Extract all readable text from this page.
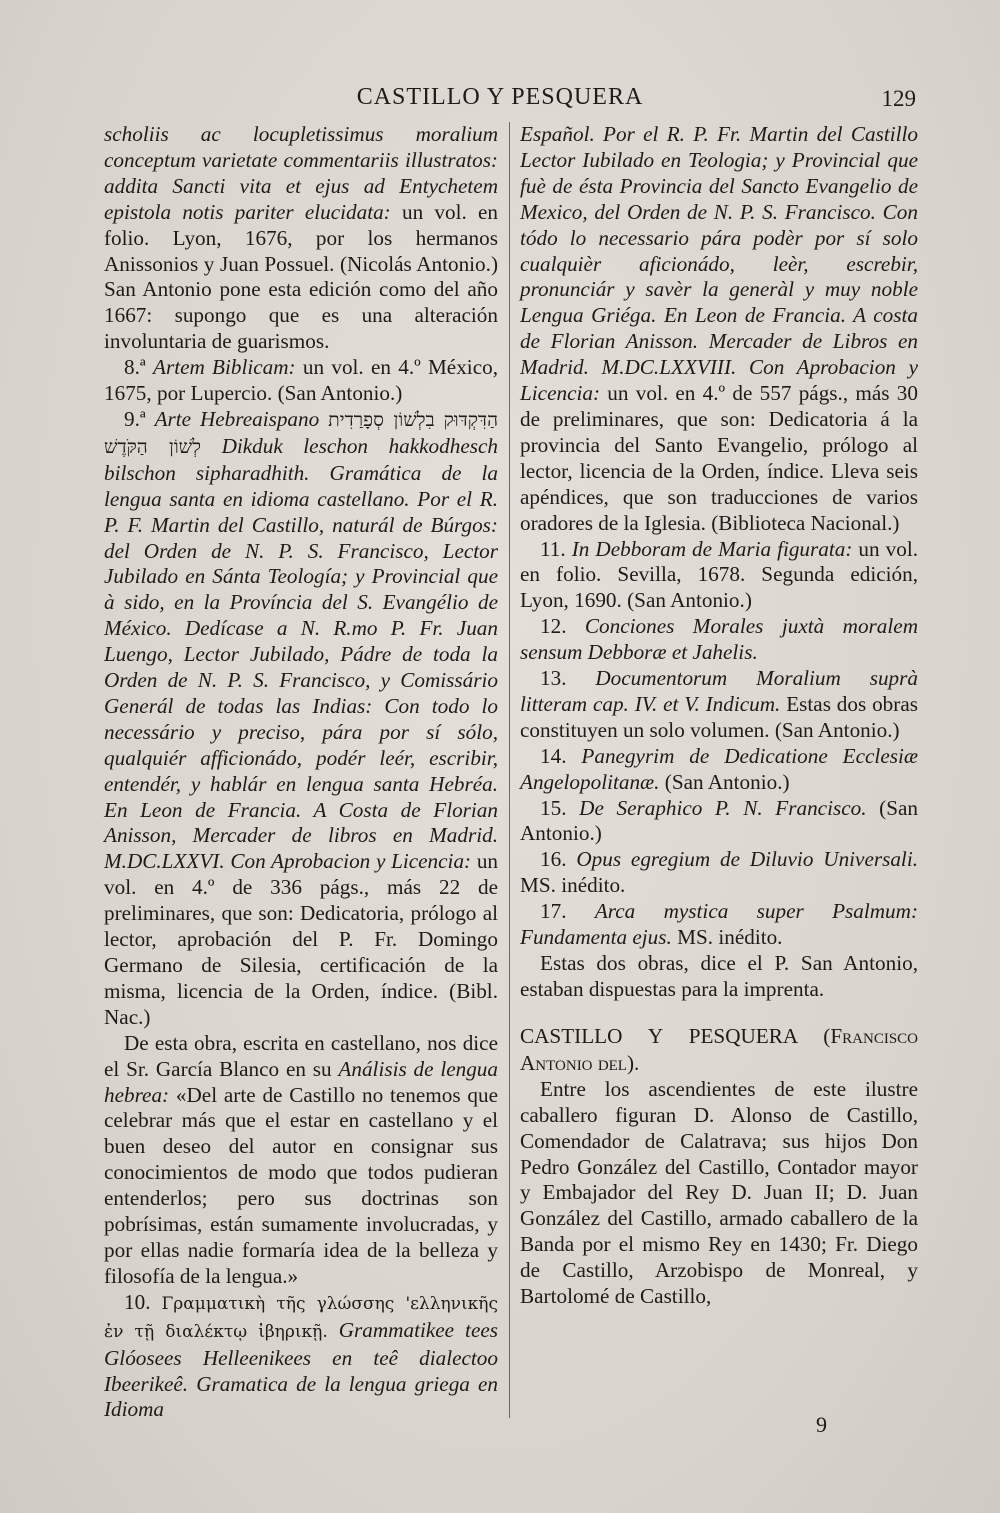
CASTILLO Y PESQUERA	129

scholiis ac locupletissimus moralium conceptum varietate commentariis illustratos: addita Sancti vita et ejus ad Entychetem epistola notis pariter elucidata: un vol. en folio. Lyon, 1676, por los hermanos Anissonios y Juan Possuel. (Nicolás Antonio.) San Antonio pone esta edición como del año 1667: supongo que es una alteración involuntaria de guarismos.

8.ª Artem Biblicam: un vol. en 4.º México, 1675, por Lupercio. (San Antonio.)

9.ª Arte Hebreaispano בִלְשׁוֹן סְפָרַדִית הַדִּקְדּוּק לְשׁוֹן הַקֹּדֶשׁ Dikduk leschon hakkodhesch bilschon sipharadhith. Gramática de la lengua santa en idioma castellano. Por el R. P. F. Martin del Castillo, naturál de Búrgos: del Orden de N. P. S. Francisco, Lector Jubilado en Sánta Teología; y Provincial que à sido, en la Província del S. Evangélio de México. Dedícase a N. R.mo P. Fr. Juan Luengo, Lector Jubilado, Pádre de toda la Orden de N. P. S. Francisco, y Comissário Generál de todas las Indias: Con todo lo necessário y preciso, pára por sí sólo, qualquiér afficionádo, podér leér, escribir, entendér, y hablár en lengua santa Hebréa. En Leon de Francia. A Costa de Florian Anisson, Mercader de libros en Madrid. M.DC.LXXVI. Con Aprobacion y Licencia: un vol. en 4.º de 336 págs., más 22 de preliminares, que son: Dedicatoria, prólogo al lector, aprobación del P. Fr. Domingo Germano de Silesia, certificación de la misma, licencia de la Orden, índice. (Bibl. Nac.)

De esta obra, escrita en castellano, nos dice el Sr. García Blanco en su Análisis de lengua hebrea: «Del arte de Castillo no tenemos que celebrar más que el estar en castellano y el buen deseo del autor en consignar sus conocimientos de modo que todos pudieran entenderlos; pero sus doctrinas son pobrísimas, están sumamente involucradas, y por ellas nadie formaría idea de la belleza y filosofía de la lengua.»

10. Γραμματικὴ τῆς γλώσσης 'ελληνικῆς ἐν τῇ διαλέκτῳ ἰβηρικῇ. Grammatikee tees Glóosees Helleenikees en teê dialectoo Ibeerikeê. Gramatica de la lengua griega en Idioma

Español. Por el R. P. Fr. Martin del Castillo Lector Iubilado en Teologia; y Provincial que fuè de ésta Provincia del Sancto Evangelio de Mexico, del Orden de N. P. S. Francisco. Con tódo lo necessario pára podèr por sí solo cualquièr aficionádo, leèr, escrebir, pronunciár y savèr la generàl y muy noble Lengua Griéga. En Leon de Francia. A costa de Florian Anisson. Mercader de Libros en Madrid. M.DC.LXXVIII. Con Aprobacion y Licencia: un vol. en 4.º de 557 págs., más 30 de preliminares, que son: Dedicatoria á la provincia del Santo Evangelio, prólogo al lector, licencia de la Orden, índice. Lleva seis apéndices, que son traducciones de varios oradores de la Iglesia. (Biblioteca Nacional.)

11. In Debboram de Maria figurata: un vol. en folio. Sevilla, 1678. Segunda edición, Lyon, 1690. (San Antonio.)

12. Conciones Morales juxtà moralem sensum Debboræ et Jahelis.

13. Documentorum Moralium suprà litteram cap. IV. et V. Indicum. Estas dos obras constituyen un solo volumen. (San Antonio.)

14. Panegyrim de Dedicatione Ecclesiæ Angelopolitanæ. (San Antonio.)

15. De Seraphico P. N. Francisco. (San Antonio.)

16. Opus egregium de Diluvio Universali. MS. inédito.

17. Arca mystica super Psalmum: Fundamenta ejus. MS. inédito.

Estas dos obras, dice el P. San Antonio, estaban dispuestas para la imprenta.

CASTILLO Y PESQUERA (Francisco Antonio del).

Entre los ascendientes de este ilustre caballero figuran D. Alonso de Castillo, Comendador de Calatrava; sus hijos Don Pedro González del Castillo, Contador mayor y Embajador del Rey D. Juan II; D. Juan González del Castillo, armado caballero de la Banda por el mismo Rey en 1430; Fr. Diego de Castillo, Arzobispo de Monreal, y Bartolomé de Castillo,

9
